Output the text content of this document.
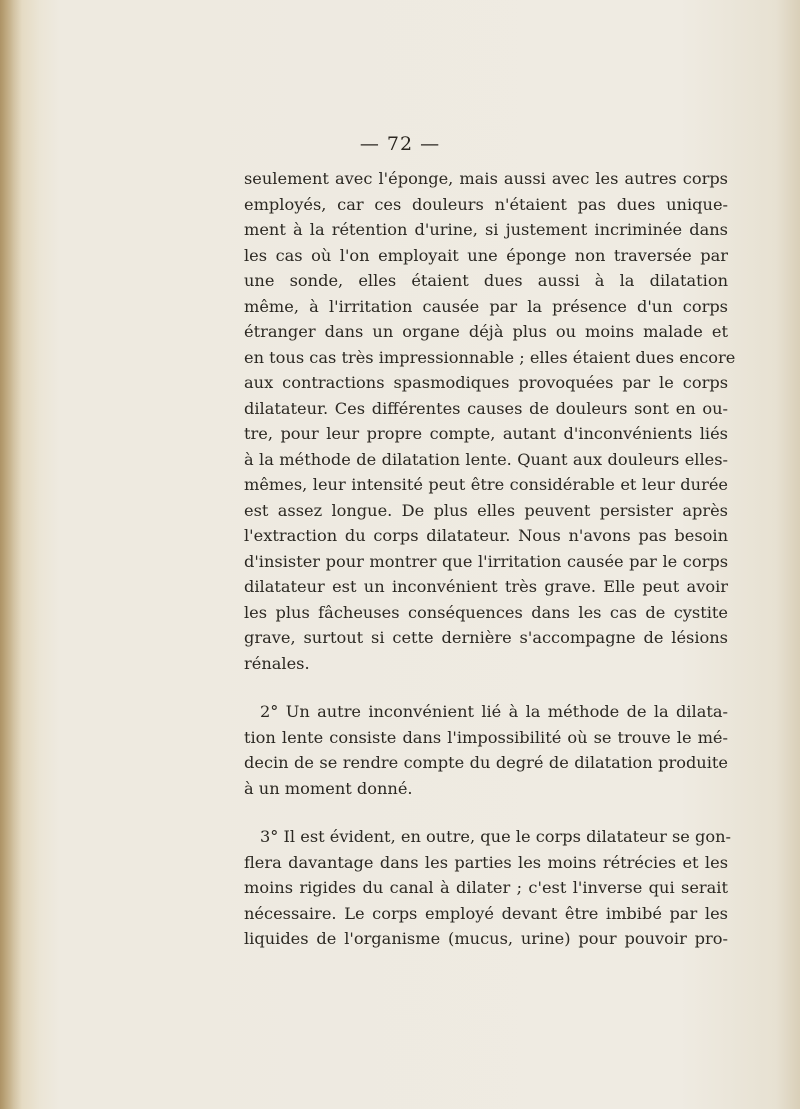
— 72 —

seulement avec l'éponge, mais aussi avec les autres corps
employés, car ces douleurs n'étaient pas dues unique-
ment à la rétention d'urine, si justement incriminée dans
les cas où l'on employait une éponge non traversée par
une sonde, elles étaient dues aussi à la dilatation
même, à l'irritation causée par la présence d'un corps
étranger dans un organe déjà plus ou moins malade et
en tous cas très impressionnable ; elles étaient dues encore
aux contractions spasmodiques provoquées par le corps
dilatateur. Ces différentes causes de douleurs sont en ou-
tre, pour leur propre compte, autant d'inconvénients liés
à la méthode de dilatation lente. Quant aux douleurs elles-
mêmes, leur intensité peut être considérable et leur durée
est assez longue. De plus elles peuvent persister après
l'extraction du corps dilatateur. Nous n'avons pas besoin
d'insister pour montrer que l'irritation causée par le corps
dilatateur est un inconvénient très grave. Elle peut avoir
les plus fâcheuses conséquences dans les cas de cystite
grave, surtout si cette dernière s'accompagne de lésions
rénales.

2° Un autre inconvénient lié à la méthode de la dilata-
tion lente consiste dans l'impossibilité où se trouve le mé-
decin de se rendre compte du degré de dilatation produite
à un moment donné.

3° Il est évident, en outre, que le corps dilatateur se gon-
flera davantage dans les parties les moins rétrécies et les
moins rigides du canal à dilater ; c'est l'inverse qui serait
nécessaire. Le corps employé devant être imbibé par les
liquides de l'organisme (mucus, urine) pour pouvoir pro-
